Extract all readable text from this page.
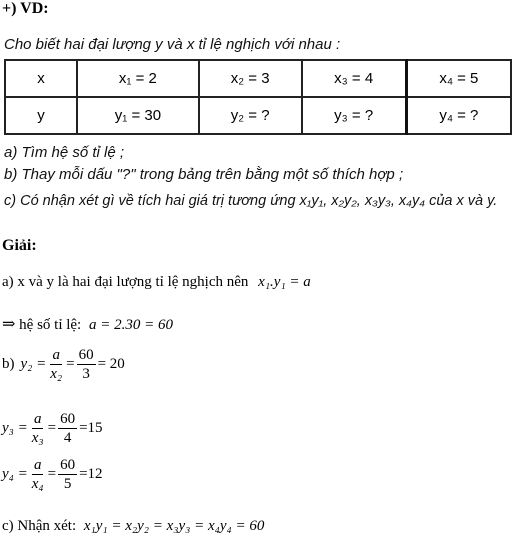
+) VD:
Cho biết hai đại lượng y và x tỉ lệ nghịch với nhau :
x	x₁ = 2	x₂ = 3	x₃ = 4	x₄ = 5
y	y₁ = 30	y₂ = ?	y₃ = ?	y₄ = ?
a) Tìm hệ số tỉ lệ ;
b) Thay mỗi dấu "?" trong bảng trên bằng một số thích hợp ;
c) Có nhận xét gì về tích hai giá trị tương ứng x₁y₁, x₂y₂, x₃y₃, x₄y₄ của x và y.
Giải:
a) x và y là hai đại lượng tỉ lệ nghịch nên x₁.y₁ = a
⇒ hệ số tỉ lệ: a = 2.30 = 60
b) $y_2 = \frac{a}{\text{x₂}} = \frac{60}{3} = 20$
$y_3 = \frac{a}{\text{x₃}} = \frac{60}{4} =15$
$y_4 = \frac{a}{\text{x₄}} = \frac{60}{5} =12$
c) Nhận xét: x₁y₁ = x₂y₂ = x₃y₃ = x₄y₄ = 60
